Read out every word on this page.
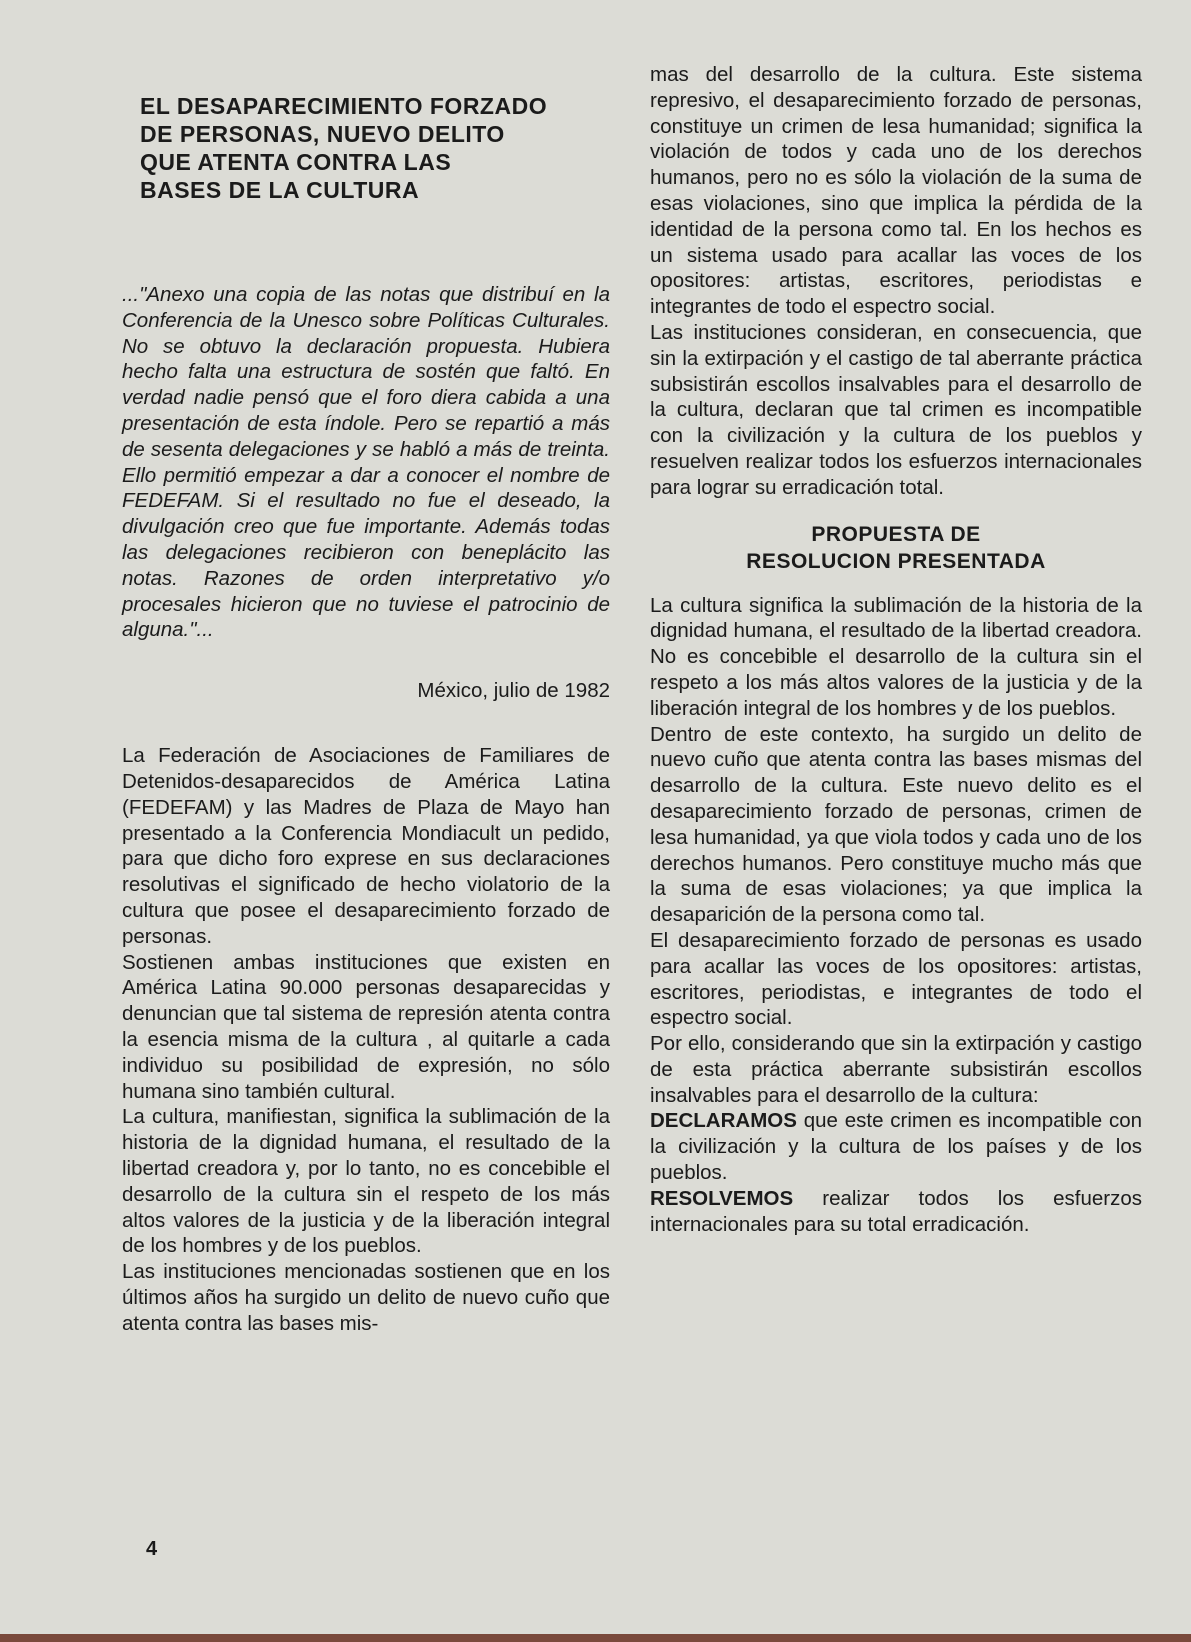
EL DESAPARECIMIENTO FORZADO
DE PERSONAS, NUEVO DELITO
QUE ATENTA CONTRA LAS
BASES DE LA CULTURA

..."Anexo una copia de las notas que distribuí en la Conferencia de la Unesco sobre Políticas Culturales. No se obtuvo la declaración propuesta. Hubiera hecho falta una estructura de sostén que faltó. En verdad nadie pensó que el foro diera cabida a una presentación de esta índole. Pero se repartió a más de sesenta delegaciones y se habló a más de treinta. Ello permitió empezar a dar a conocer el nombre de FEDEFAM. Si el resultado no fue el deseado, la divulgación creo que fue importante. Además todas las delegaciones recibieron con beneplácito las notas. Razones de orden interpretativo y/o procesales hicieron que no tuviese el patrocinio de alguna."...

México, julio de 1982

La Federación de Asociaciones de Familiares de Detenidos-desaparecidos de América Latina (FEDEFAM) y las Madres de Plaza de Mayo han presentado a la Conferencia Mondiacult un pedido, para que dicho foro exprese en sus declaraciones resolutivas el significado de hecho violatorio de la cultura que posee el desaparecimiento forzado de personas.

Sostienen ambas instituciones que existen en América Latina 90.000 personas desaparecidas y denuncian que tal sistema de represión atenta contra la esencia misma de la cultura , al quitarle a cada individuo su posibilidad de expresión, no sólo humana sino también cultural.

La cultura, manifiestan, significa la sublimación de la historia de la dignidad humana, el resultado de la libertad creadora y, por lo tanto, no es concebible el desarrollo de la cultura sin el respeto de los más altos valores de la justicia y de la liberación integral de los hombres y de los pueblos.

Las instituciones mencionadas sostienen que en los últimos años ha surgido un delito de nuevo cuño que atenta contra las bases mis-

mas del desarrollo de la cultura. Este sistema represivo, el desaparecimiento forzado de personas, constituye un crimen de lesa humanidad; significa la violación de todos y cada uno de los derechos humanos, pero no es sólo la violación de la suma de esas violaciones, sino que implica la pérdida de la identidad de la persona como tal. En los hechos es un sistema usado para acallar las voces de los opositores: artistas, escritores, periodistas e integrantes de todo el espectro social.

Las instituciones consideran, en consecuencia, que sin la extirpación y el castigo de tal aberrante práctica subsistirán escollos insalvables para el desarrollo de la cultura, declaran que tal crimen es incompatible con la civilización y la cultura de los pueblos y resuelven realizar todos los esfuerzos internacionales para lograr su erradicación total.

PROPUESTA DE
RESOLUCION PRESENTADA

La cultura significa la sublimación de la historia de la dignidad humana, el resultado de la libertad creadora. No es concebible el desarrollo de la cultura sin el respeto a los más altos valores de la justicia y de la liberación integral de los hombres y de los pueblos.

Dentro de este contexto, ha surgido un delito de nuevo cuño que atenta contra las bases mismas del desarrollo de la cultura. Este nuevo delito es el desaparecimiento forzado de personas, crimen de lesa humanidad, ya que viola todos y cada uno de los derechos humanos. Pero constituye mucho más que la suma de esas violaciones; ya que implica la desaparición de la persona como tal.

El desaparecimiento forzado de personas es usado para acallar las voces de los opositores: artistas, escritores, periodistas, e integrantes de todo el espectro social.

Por ello, considerando que sin la extirpación y castigo de esta práctica aberrante subsistirán escollos insalvables para el desarrollo de la cultura:

DECLARAMOS que este crimen es incompatible con la civilización y la cultura de los países y de los pueblos.

RESOLVEMOS realizar todos los esfuerzos internacionales para su total erradicación.

4
